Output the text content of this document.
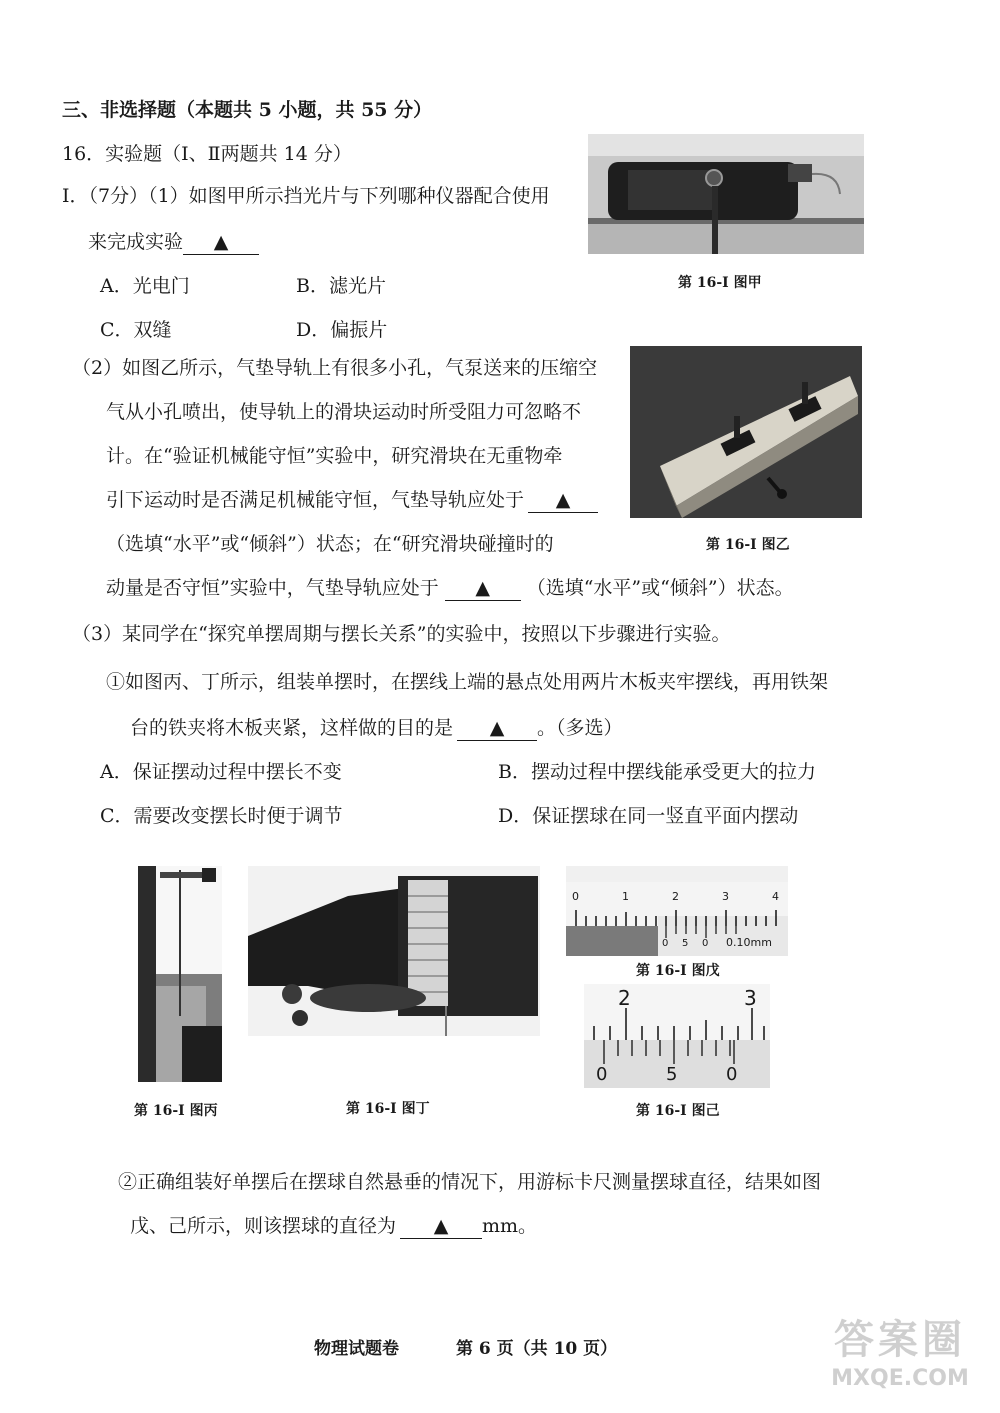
三、非选择题（本题共 5 小题，共 55 分）
16．实验题（Ⅰ、Ⅱ两题共 14 分）
Ⅰ．（7分）（1）如图甲所示挡光片与下列哪种仪器配合使用
来完成实验 ▲
A．光电门	B．滤光片
C．双缝	D．偏振片
第 16-Ⅰ 图甲
（2）如图乙所示，气垫导轨上有很多小孔，气泵送来的压缩空
气从小孔喷出，使导轨上的滑块运动时所受阻力可忽略不
计。在“验证机械能守恒”实验中，研究滑块在无重物牵
引下运动时是否满足机械能守恒，气垫导轨应处于 ▲
（选填“水平”或“倾斜”）状态；在“研究滑块碰撞时的
动量是否守恒”实验中，气垫导轨应处于 ▲ （选填“水平”或“倾斜”）状态。
第 16-Ⅰ 图乙
（3）某同学在“探究单摆周期与摆长关系”的实验中，按照以下步骤进行实验。
①如图丙、丁所示，组装单摆时，在摆线上端的悬点处用两片木板夹牢摆线，再用铁架
台的铁夹将木板夹紧，这样做的目的是 ▲ 。（多选）
A．保证摆动过程中摆长不变	B．摆动过程中摆线能承受更大的拉力
C．需要改变摆长时便于调节	D．保证摆球在同一竖直平面内摆动
第 16-Ⅰ 图丙	第 16-Ⅰ 图丁
0	1	2	3	4
0 5 0 0.10mm
第 16-Ⅰ 图戊
2	3
0	5	0
第 16-Ⅰ 图己
②正确组装好单摆后在摆球自然悬垂的情况下，用游标卡尺测量摆球直径，结果如图
戊、己所示，则该摆球的直径为 ▲ mm。
物理试题卷	第 6 页（共 10 页）	答案圈
MXQE.COM
